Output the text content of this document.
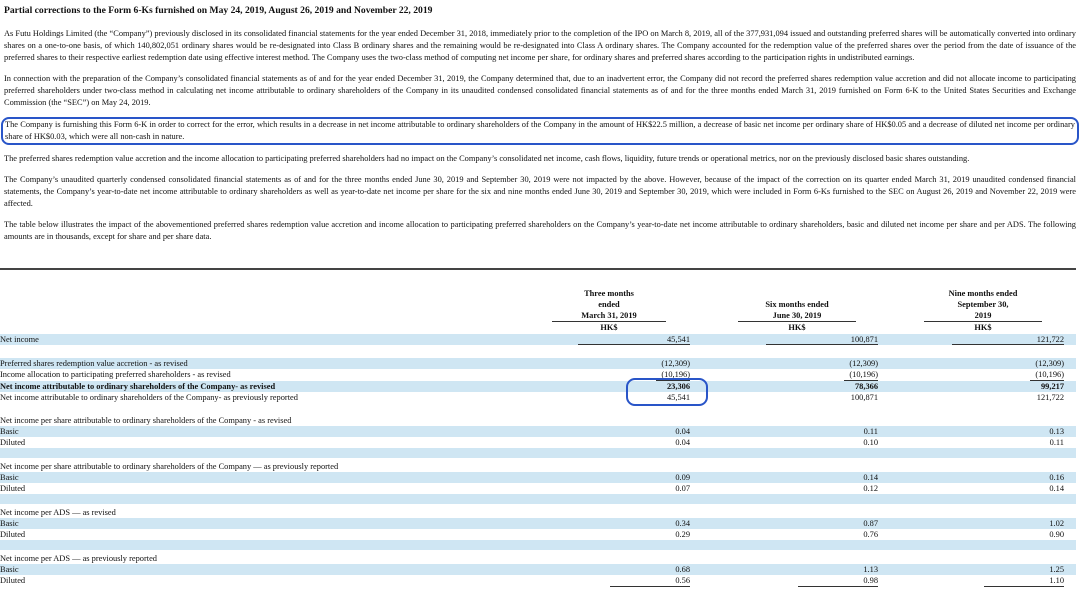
Partial corrections to the Form 6-Ks furnished on May 24, 2019, August 26, 2019 and November 22, 2019

As Futu Holdings Limited (the “Company”) previously disclosed in its consolidated financial statements for the year ended December 31, 2018, immediately prior to the completion of the IPO on March 8, 2019, all of the 377,931,094 issued and outstanding preferred shares will be automatically converted into ordinary shares on a one-to-one basis, of which 140,802,051 ordinary shares would be re-designated into Class B ordinary shares and the remaining would be re-designated into Class A ordinary shares. The Company accounted for the redemption value of the preferred shares over the period from the date of issuance of the preferred shares to their respective earliest redemption date using effective interest method. The Company uses the two-class method of computing net income per share, for ordinary shares and preferred shares according to the participation rights in undistributed earnings.

In connection with the preparation of the Company’s consolidated financial statements as of and for the year ended December 31, 2019, the Company determined that, due to an inadvertent error, the Company did not record the preferred shares redemption value accretion and did not allocate income to participating preferred shareholders under two-class method in calculating net income attributable to ordinary shareholders of the Company in its unaudited condensed consolidated financial statements as of and for the three months ended March 31, 2019 furnished on Form 6-K to the United States Securities and Exchange Commission (the “SEC”) on May 24, 2019.

The Company is furnishing this Form 6-K in order to correct for the error, which results in a decrease in net income attributable to ordinary shareholders of the Company in the amount of HK$22.5 million, a decrease of basic net income per ordinary share of HK$0.05 and a decrease of diluted net income per ordinary share of HK$0.03, which were all non-cash in nature.

The preferred shares redemption value accretion and the income allocation to participating preferred shareholders had no impact on the Company’s consolidated net income, cash flows, liquidity, future trends or operational metrics, nor on the previously disclosed basic shares outstanding.

The Company’s unaudited quarterly condensed consolidated financial statements as of and for the three months ended June 30, 2019 and September 30, 2019 were not impacted by the above. However, because of the impact of the correction on its quarter ended March 31, 2019 unaudited condensed financial statements, the Company’s year-to-date net income attributable to ordinary shareholders as well as year-to-date net income per share for the six and nine months ended June 30, 2019 and September 30, 2019, which were included in Form 6-Ks furnished to the SEC on August 26, 2019 and November 22, 2019 were affected.

The table below illustrates the impact of the abovementioned preferred shares redemption value accretion and income allocation to participating preferred shareholders on the Company’s year-to-date net income attributable to ordinary shareholders, basic and diluted net income per share and per ADS. The following amounts are in thousands, except for share and per share data.

Three months
ended
March 31, 2019
HK$
Six months ended
June 30, 2019
HK$
Nine months ended
September 30,
2019
HK$
Net income	45,541	100,871	121,722
Preferred shares redemption value accretion - as revised	(12,309)	(12,309)	(12,309)
Income allocation to participating preferred shareholders - as revised	(10,196)	(10,196)	(10,196)
Net income attributable to ordinary shareholders of the Company- as revised	23,306	78,366	99,217
Net income attributable to ordinary shareholders of the Company- as previously reported	45,541	100,871	121,722
Net income per share attributable to ordinary shareholders of the Company - as revised
Basic	0.04	0.11	0.13
Diluted	0.04	0.10	0.11
Net income per share attributable to ordinary shareholders of the Company — as previously reported
Basic	0.09	0.14	0.16
Diluted	0.07	0.12	0.14
Net income per ADS — as revised
Basic	0.34	0.87	1.02
Diluted	0.29	0.76	0.90
Net income per ADS — as previously reported
Basic	0.68	1.13	1.25
Diluted	0.56	0.98	1.10
